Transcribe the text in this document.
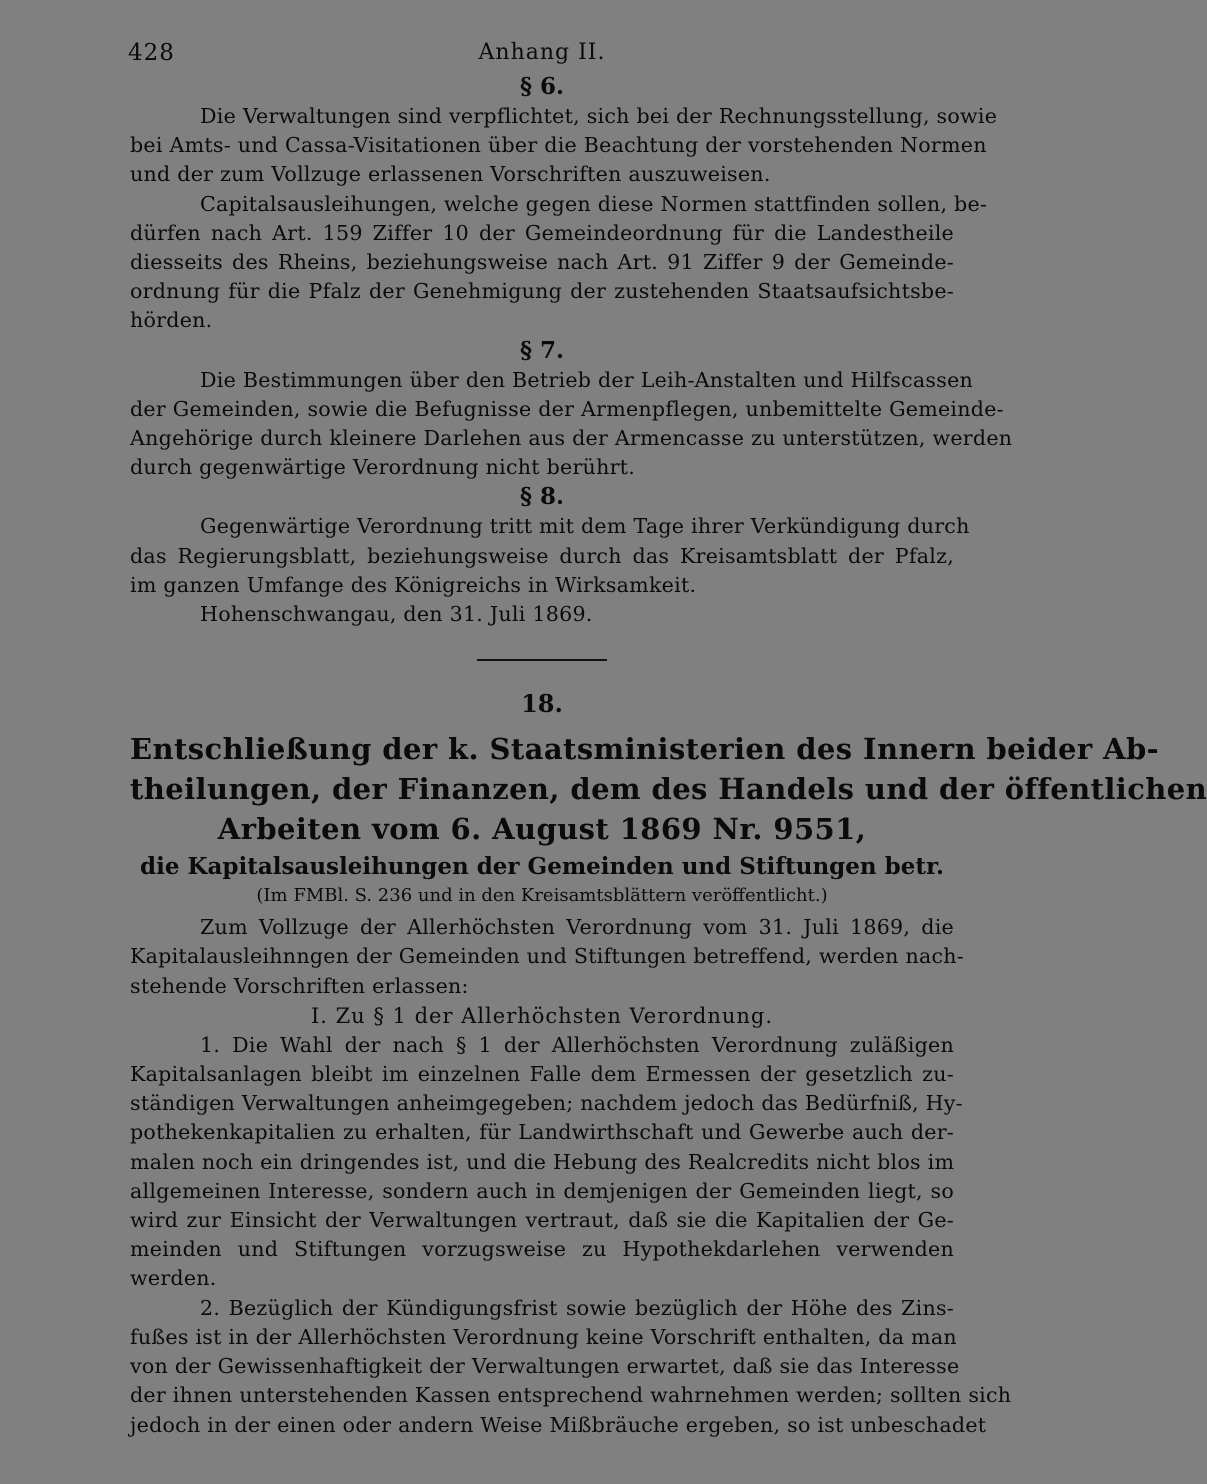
428	Anhang II.
§ 6.

Die Verwaltungen sind verpflichtet, sich bei der Rechnungsstellung, sowie

bei Amts- und Cassa-Visitationen über die Beachtung der vorstehenden Normen

und der zum Vollzuge erlassenen Vorschriften auszuweisen.

Capitalsausleihungen, welche gegen diese Normen stattfinden sollen, be-

dürfen nach Art. 159 Ziffer 10 der Gemeindeordnung für die Landestheile

diesseits des Rheins, beziehungsweise nach Art. 91 Ziffer 9 der Gemeinde-

ordnung für die Pfalz der Genehmigung der zustehenden Staatsaufsichtsbe-

hörden.

§ 7.

Die Bestimmungen über den Betrieb der Leih-Anstalten und Hilfscassen

der Gemeinden, sowie die Befugnisse der Armenpflegen, unbemittelte Gemeinde-

Angehörige durch kleinere Darlehen aus der Armencasse zu unterstützen, werden

durch gegenwärtige Verordnung nicht berührt.

§ 8.

Gegenwärtige Verordnung tritt mit dem Tage ihrer Verkündigung durch

das Regierungsblatt, beziehungsweise durch das Kreisamtsblatt der Pfalz,

im ganzen Umfange des Königreichs in Wirksamkeit.

Hohenschwangau, den 31. Juli 1869.

18.
Entschließung der k. Staatsministerien des Innern beider Ab-
theilungen, der Finanzen, dem des Handels und der öffentlichen
Arbeiten vom 6. August 1869 Nr. 9551,
die Kapitalsausleihungen der Gemeinden und Stiftungen betr.
(Im FMBl. S. 236 und in den Kreisamtsblättern veröffentlicht.)

Zum Vollzuge der Allerhöchsten Verordnung vom 31. Juli 1869, die

Kapitalausleihnngen der Gemeinden und Stiftungen betreffend, werden nach-

stehende Vorschriften erlassen:

I. Zu § 1 der Allerhöchsten Verordnung.

1. Die Wahl der nach § 1 der Allerhöchsten Verordnung zuläßigen

Kapitalsanlagen bleibt im einzelnen Falle dem Ermessen der gesetzlich zu-

ständigen Verwaltungen anheimgegeben; nachdem jedoch das Bedürfniß, Hy-

pothekenkapitalien zu erhalten, für Landwirthschaft und Gewerbe auch der-

malen noch ein dringendes ist, und die Hebung des Realcredits nicht blos im

allgemeinen Interesse, sondern auch in demjenigen der Gemeinden liegt, so

wird zur Einsicht der Verwaltungen vertraut, daß sie die Kapitalien der Ge-

meinden und Stiftungen vorzugsweise zu Hypothekdarlehen verwenden

werden.

2. Bezüglich der Kündigungsfrist sowie bezüglich der Höhe des Zins-

fußes ist in der Allerhöchsten Verordnung keine Vorschrift enthalten, da man

von der Gewissenhaftigkeit der Verwaltungen erwartet, daß sie das Interesse

der ihnen unterstehenden Kassen entsprechend wahrnehmen werden; sollten sich

jedoch in der einen oder andern Weise Mißbräuche ergeben, so ist unbeschadet
